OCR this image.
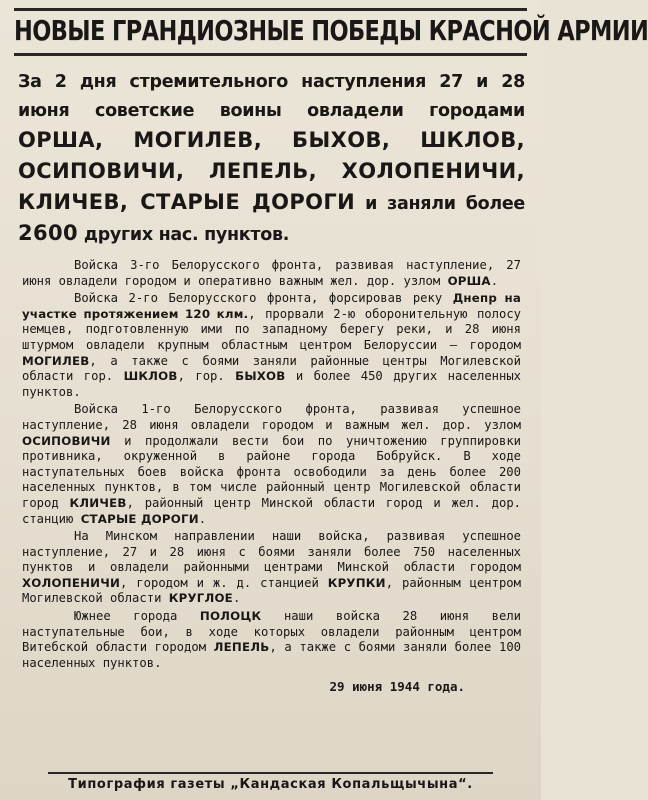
НОВЫЕ ГРАНДИОЗНЫЕ ПОБЕДЫ КРАСНОЙ АРМИИ
За 2 дня стремительного наступления 27 и 28 июня советские воины овладели городами ОРША, МОГИЛЕВ, БЫХОВ, ШКЛОВ, ОСИПОВИЧИ, ЛЕПЕЛЬ, ХОЛОПЕНИЧИ, КЛИЧЕВ, СТАРЫЕ ДОРОГИ и заняли более 2600 других нас. пунктов.

Войска 3-го Белорусского фронта, развивая наступление, 27 июня овладели городом и оперативно важным жел. дор. узлом ОРША.

Войска 2-го Белорусского фронта, форсировав реку Днепр на участке протяжением 120 клм., прорвали 2-ю оборонительную полосу немцев, подготовленную ими по западному берегу реки, и 28 июня штурмом овладели крупным областным центром Белоруссии — городом МОГИЛЕВ, а также с боями заняли районные центры Могилевской области гор. ШКЛОВ, гор. БЫХОВ и более 450 других населенных пунктов.

Войска 1-го Белорусского фронта, развивая успешное наступление, 28 июня овладели городом и важным жел. дор. узлом ОСИПОВИЧИ и продолжали вести бои по уничтожению группировки противника, окруженной в районе города Бобруйск. В ходе наступательных боев войска фронта освободили за день более 200 населенных пунктов, в том числе районный центр Могилевской области город КЛИЧЕВ, районный центр Минской области город и жел. дор. станцию СТАРЫЕ ДОРОГИ.

На Минском направлении наши войска, развивая успешное наступление, 27 и 28 июня с боями заняли более 750 населенных пунктов и овладели районными центрами Минской области городом ХОЛОПЕНИЧИ, городом и ж. д. станцией КРУПКИ, районным центром Могилевской области КРУГЛОЕ.

Южнее города ПОЛОЦК наши войска 28 июня вели наступательные бои, в ходе которых овладели районным центром Витебской области городом ЛЕПЕЛЬ, а также с боями заняли более 100 населенных пунктов.

29 июня 1944 года.
Типография газеты „Кандаская Копальщычына“.
